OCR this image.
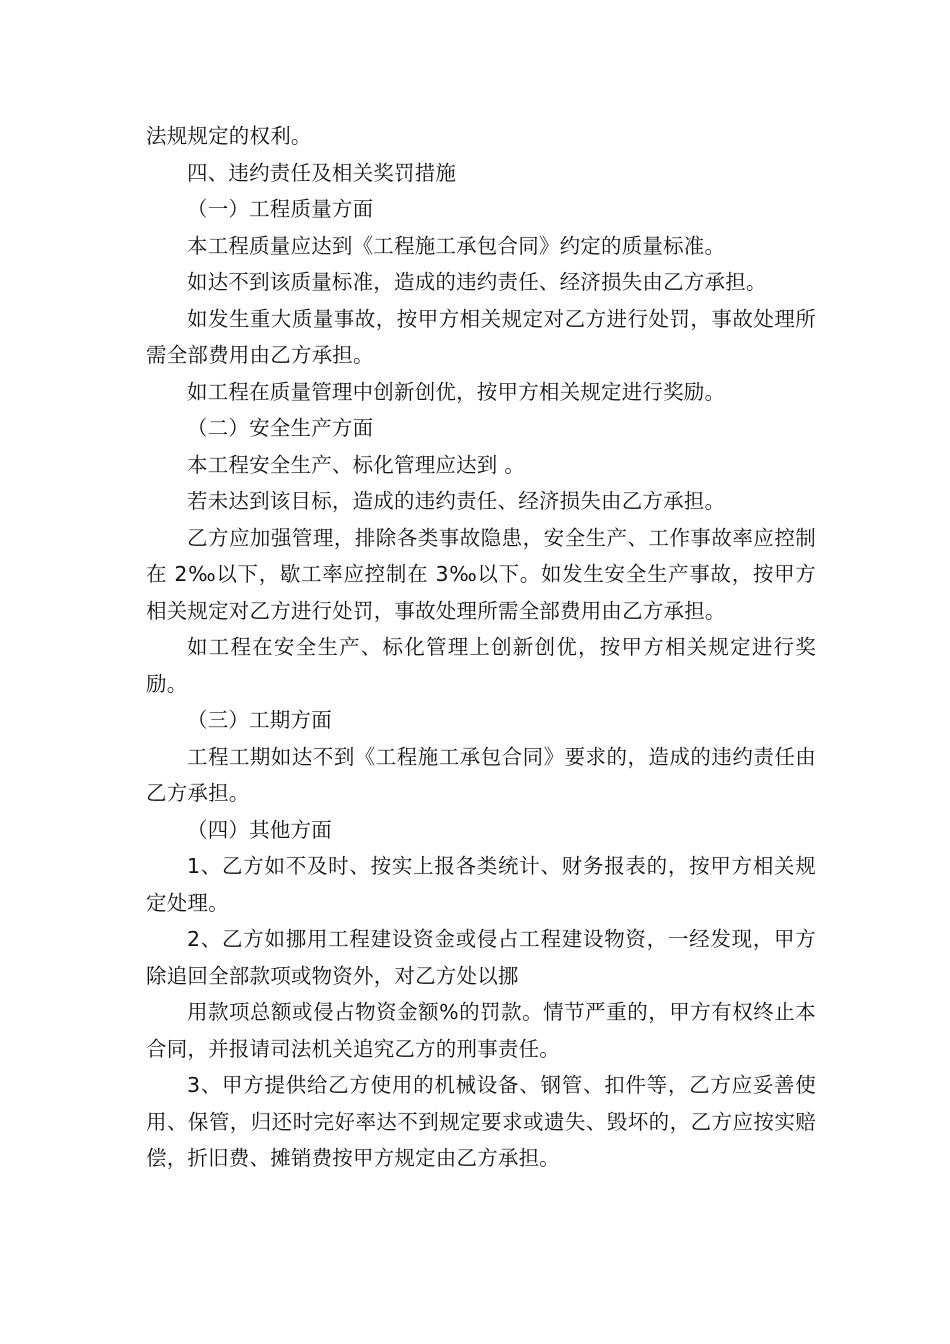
法规规定的权利。

四、违约责任及相关奖罚措施

（一）工程质量方面

本工程质量应达到《工程施工承包合同》约定的质量标准。

如达不到该质量标准，造成的违约责任、经济损失由乙方承担。

如发生重大质量事故，按甲方相关规定对乙方进行处罚，事故处理所需全部费用由乙方承担。

如工程在质量管理中创新创优，按甲方相关规定进行奖励。

（二）安全生产方面

本工程安全生产、标化管理应达到 。

若未达到该目标，造成的违约责任、经济损失由乙方承担。

乙方应加强管理，排除各类事故隐患，安全生产、工作事故率应控制在 2‰以下，歇工率应控制在 3‰以下。如发生安全生产事故，按甲方相关规定对乙方进行处罚，事故处理所需全部费用由乙方承担。

如工程在安全生产、标化管理上创新创优，按甲方相关规定进行奖励。

（三）工期方面

工程工期如达不到《工程施工承包合同》要求的，造成的违约责任由乙方承担。

（四）其他方面

1、乙方如不及时、按实上报各类统计、财务报表的，按甲方相关规定处理。

2、乙方如挪用工程建设资金或侵占工程建设物资，一经发现，甲方除追回全部款项或物资外，对乙方处以挪

用款项总额或侵占物资金额%的罚款。情节严重的，甲方有权终止本合同，并报请司法机关追究乙方的刑事责任。

3、甲方提供给乙方使用的机械设备、钢管、扣件等，乙方应妥善使用、保管，归还时完好率达不到规定要求或遗失、毁坏的，乙方应按实赔偿，折旧费、摊销费按甲方规定由乙方承担。
